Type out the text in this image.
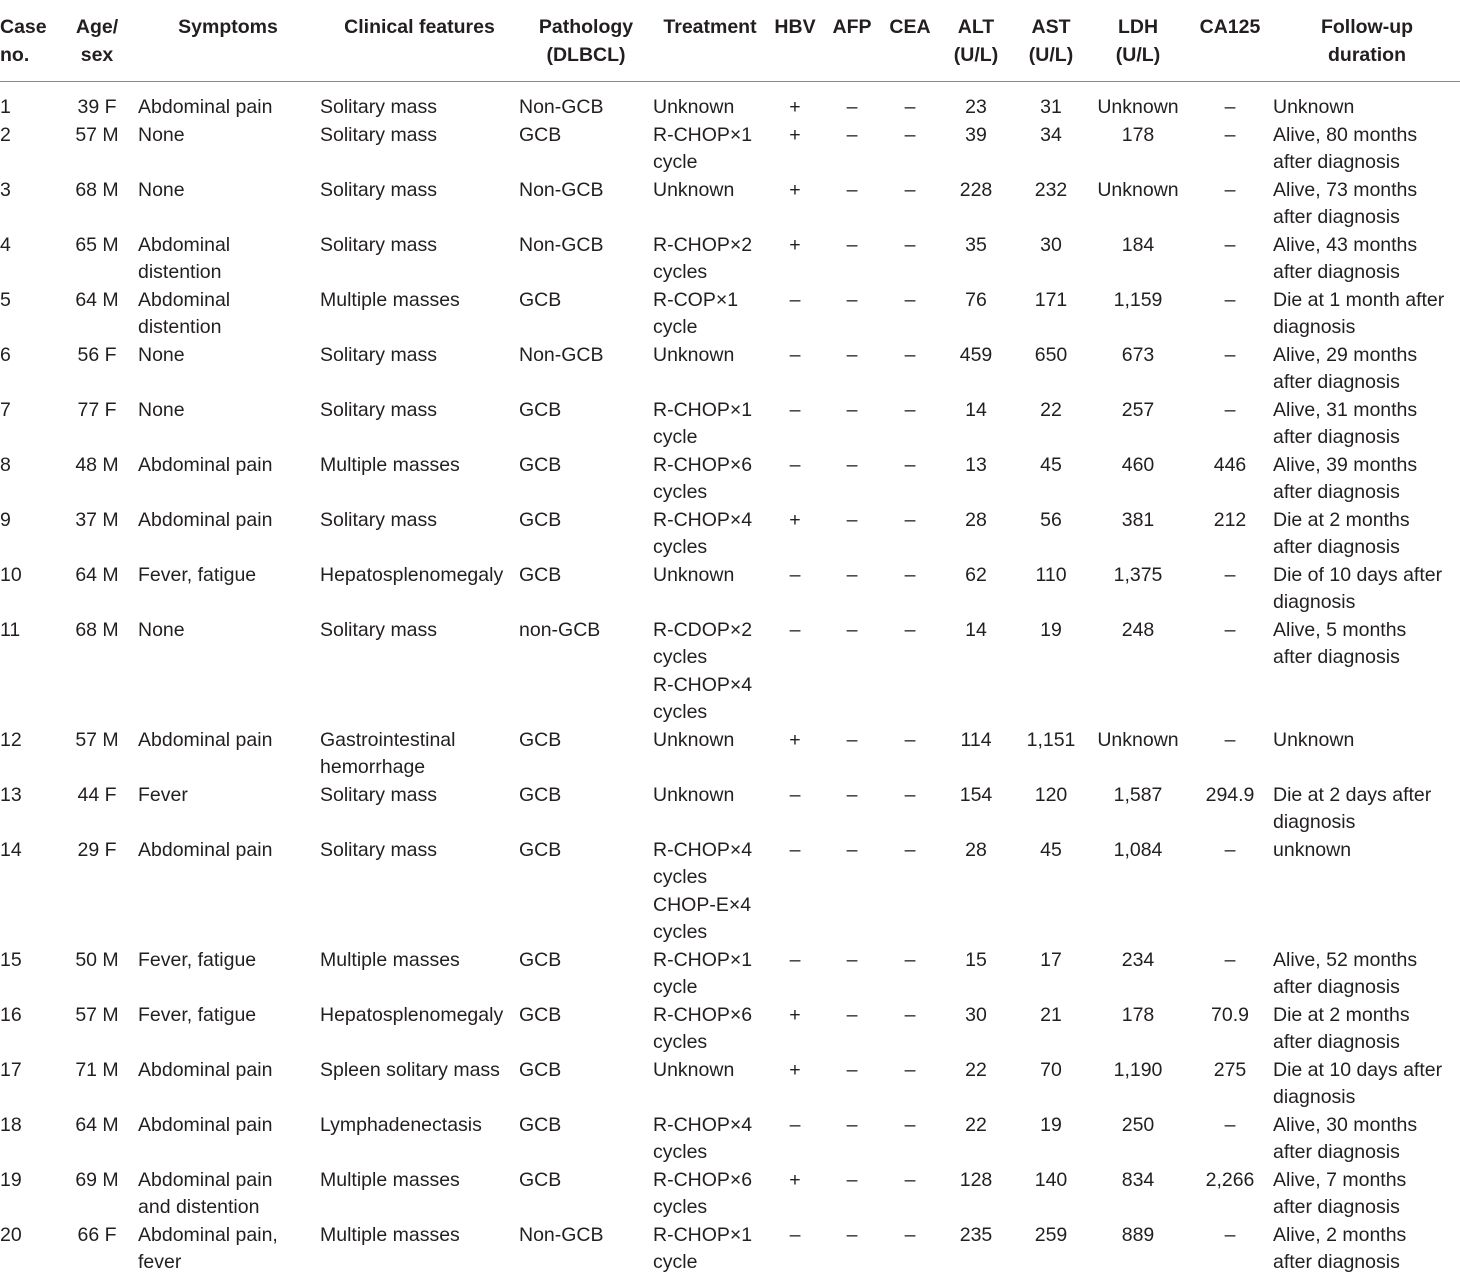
Case
no.	Age/
sex	Symptoms	Clinical features	Pathology
(DLBCL)	Treatment	HBV	AFP	CEA	ALT
(U/L)	AST
(U/L)	LDH
(U/L)	CA125	Follow-up
duration
1	39 F	Abdominal pain	Solitary mass	Non-GCB	Unknown	+	–	–	23	31	Unknown	–	Unknown
2	57 M	None	Solitary mass	GCB	R-CHOP×1
cycle	+	–	–	39	34	178	–	Alive, 80 months
after diagnosis
3	68 M	None	Solitary mass	Non-GCB	Unknown	+	–	–	228	232	Unknown	–	Alive, 73 months
after diagnosis
4	65 M	Abdominal
distention	Solitary mass	Non-GCB	R-CHOP×2
cycles	+	–	–	35	30	184	–	Alive, 43 months
after diagnosis
5	64 M	Abdominal
distention	Multiple masses	GCB	R-COP×1
cycle	–	–	–	76	171	1,159	–	Die at 1 month after
diagnosis
6	56 F	None	Solitary mass	Non-GCB	Unknown	–	–	–	459	650	673	–	Alive, 29 months
after diagnosis
7	77 F	None	Solitary mass	GCB	R-CHOP×1
cycle	–	–	–	14	22	257	–	Alive, 31 months
after diagnosis
8	48 M	Abdominal pain	Multiple masses	GCB	R-CHOP×6
cycles	–	–	–	13	45	460	446	Alive, 39 months
after diagnosis
9	37 M	Abdominal pain	Solitary mass	GCB	R-CHOP×4
cycles	+	–	–	28	56	381	212	Die at 2 months
after diagnosis
10	64 M	Fever, fatigue	Hepatosplenomegaly	GCB	Unknown	–	–	–	62	110	1,375	–	Die of 10 days after
diagnosis
11	68 M	None	Solitary mass	non-GCB	R-CDOP×2
cycles
R-CHOP×4
cycles	–	–	–	14	19	248	–	Alive, 5 months
after diagnosis
12	57 M	Abdominal pain	Gastrointestinal
hemorrhage	GCB	Unknown	+	–	–	114	1,151	Unknown	–	Unknown
13	44 F	Fever	Solitary mass	GCB	Unknown	–	–	–	154	120	1,587	294.9	Die at 2 days after
diagnosis
14	29 F	Abdominal pain	Solitary mass	GCB	R-CHOP×4
cycles
CHOP-E×4
cycles	–	–	–	28	45	1,084	–	unknown
15	50 M	Fever, fatigue	Multiple masses	GCB	R-CHOP×1
cycle	–	–	–	15	17	234	–	Alive, 52 months
after diagnosis
16	57 M	Fever, fatigue	Hepatosplenomegaly	GCB	R-CHOP×6
cycles	+	–	–	30	21	178	70.9	Die at 2 months
after diagnosis
17	71 M	Abdominal pain	Spleen solitary mass	GCB	Unknown	+	–	–	22	70	1,190	275	Die at 10 days after
diagnosis
18	64 M	Abdominal pain	Lymphadenectasis	GCB	R-CHOP×4
cycles	–	–	–	22	19	250	–	Alive, 30 months
after diagnosis
19	69 M	Abdominal pain
and distention	Multiple masses	GCB	R-CHOP×6
cycles	+	–	–	128	140	834	2,266	Alive, 7 months
after diagnosis
20	66 F	Abdominal pain,
fever	Multiple masses	Non-GCB	R-CHOP×1
cycle	–	–	–	235	259	889	–	Alive, 2 months
after diagnosis
